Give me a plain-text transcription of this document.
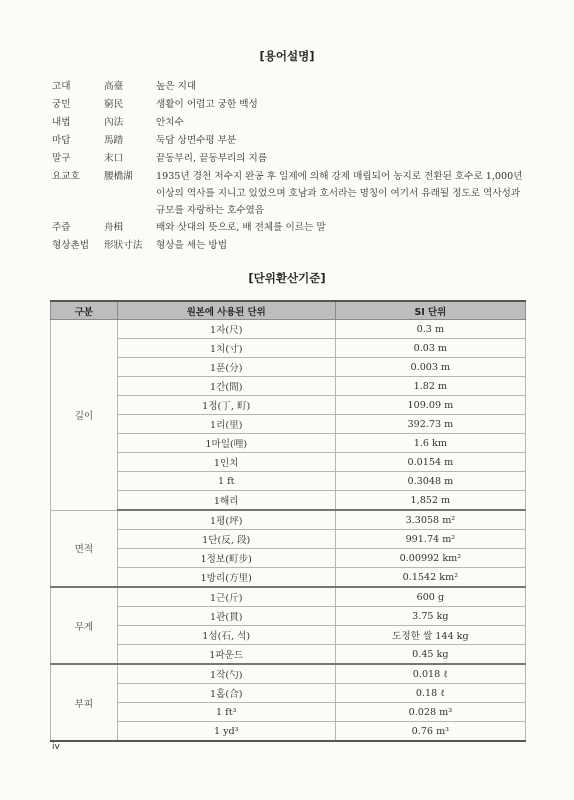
[용어설명]
고대	高臺	높은 지대
궁민	窮民	생활이 어렵고 궁한 백성
내법	內法	안치수
마답	馬踏	둑담 상면수평 부분
말구	末口	끝동부리, 끝동부리의 지름
요교호	腰橋湖	1935년 경천 저수지 완공 후 일제에 의해 강제 매립되어 농지로 전환된 호수로 1,000년 이상의 역사를 지니고 있었으며 호남과 호서라는 명칭이 여기서 유래될 정도로 역사성과 규모를 자랑하는 호수였음
주즙	舟楫	배와 삿대의 뜻으로, 배 전체를 이르는 말
형상촌법	形狀寸法	형상을 세는 방법
[단위환산기준]
구분	원본에 사용된 단위	SI 단위
길이	1자(尺)	0.3 m
	1치(寸)	0.03 m
	1푼(分)	0.003 m
	1간(間)	1.82 m
	1정(丁, 町)	109.09 m
	1리(里)	392.73 m
	1마일(哩)	1.6 km
	1인치	0.0154 m
	1 ft	0.3048 m
	1해리	1,852 m
면적	1평(坪)	3.3058 m²
	1단(反, 段)	991.74 m²
	1정보(町步)	0.00992 km²
	1방리(方里)	0.1542 km²
무게	1근(斤)	600 g
	1관(貫)	3.75 kg
	1섬(石, 석)	도정한 쌀 144 kg
	1파운드	0.45 kg
부피	1작(勺)	0.018 ℓ
	1홉(合)	0.18 ℓ
	1 ft³	0.028 m³
	1 yd³	0.76 m³
iv
